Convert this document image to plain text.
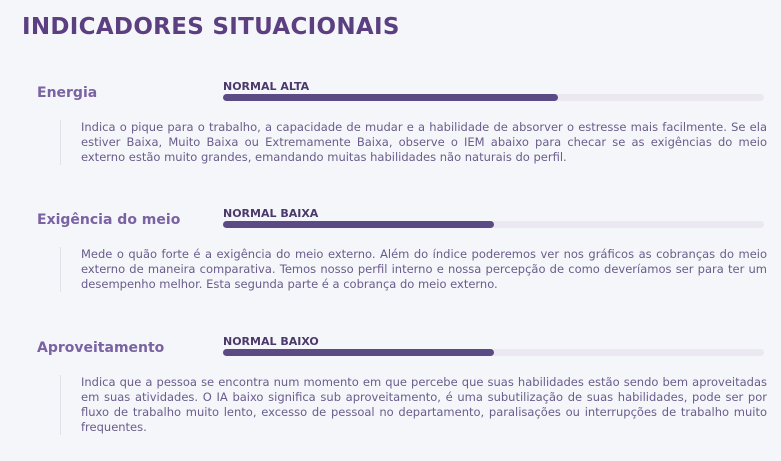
INDICADORES SITUACIONAIS
Energia	NORMAL ALTA

Indica o pique para o trabalho, a capacidade de mudar e a habilidade de absorver o estresse mais facilmente. Se ela estiver Baixa, Muito Baixa ou Extremamente Baixa, observe o IEM abaixo para checar se as exigências do meio externo estão muito grandes, emandando muitas habilidades não naturais do perfil.

Exigência do meio	NORMAL BAIXA

Mede o quão forte é a exigência do meio externo. Além do índice poderemos ver nos gráficos as cobranças do meio externo de maneira comparativa. Temos nosso perfil interno e nossa percepção de como deveríamos ser para ter um desempenho melhor. Esta segunda parte é a cobrança do meio externo.

Aproveitamento	NORMAL BAIXO

Indica que a pessoa se encontra num momento em que percebe que suas habilidades estão sendo bem aproveitadas em suas atividades. O IA baixo significa sub aproveitamento, é uma subutilização de suas habilidades, pode ser por fluxo de trabalho muito lento, excesso de pessoal no departamento, paralisações ou interrupções de trabalho muito frequentes.
